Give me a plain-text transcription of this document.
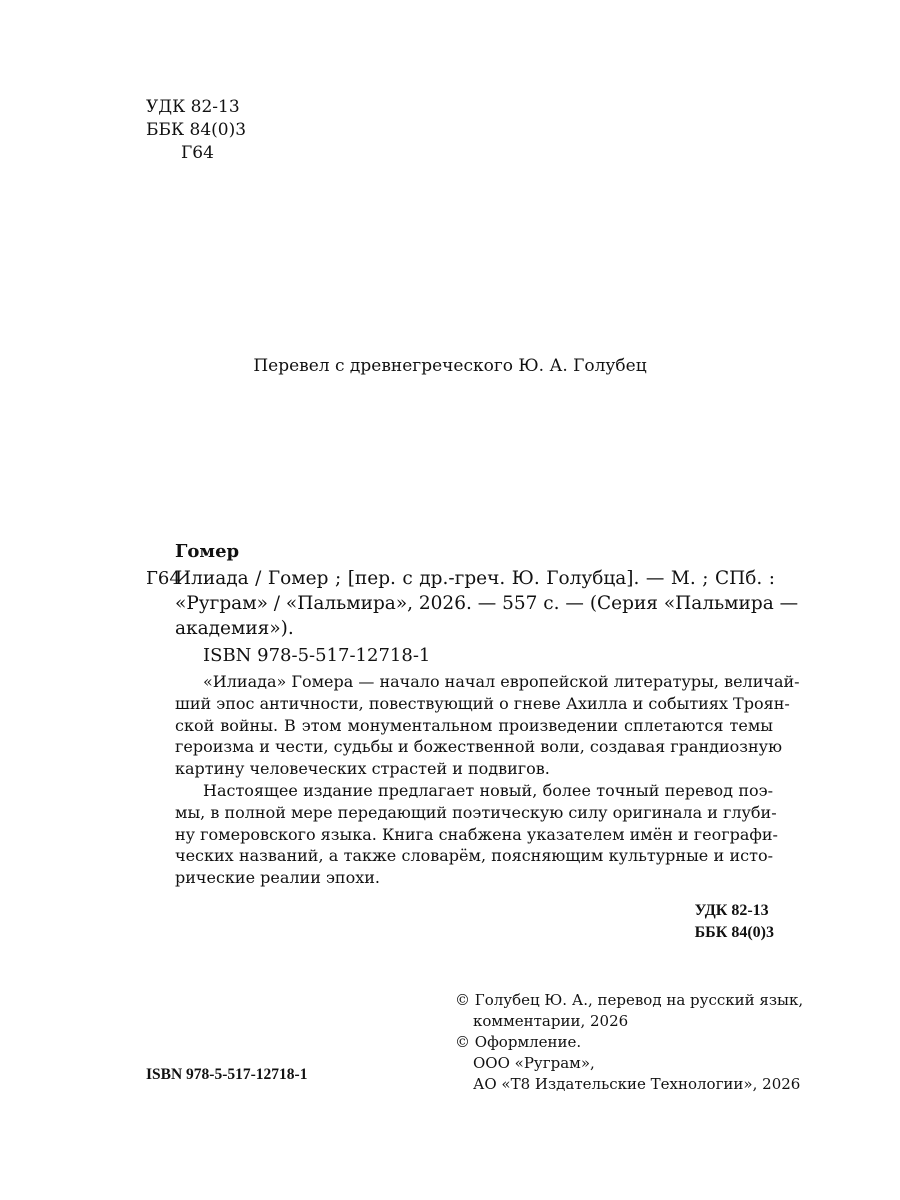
УДК 82-13
ББК 84(0)3
Г64
Перевел с древнегреческого Ю. А. Голубец
Гомер
Г64
Илиада / Гомер ; [пер. с др.-греч. Ю. Голубца]. — М. ; СПб. :
«Руграм» / «Пальмира», 2026. — 557 с. — (Серия «Пальмира —
академия»).
ISBN 978-5-517-12718-1
«Илиада» Гомера — начало начал европейской литературы, величай-
ший эпос античности, повествующий о гневе Ахилла и событиях Троян-
ской войны. В этом монументальном произведении сплетаются темы
героизма и чести, судьбы и божественной воли, создавая грандиозную
картину человеческих страстей и подвигов.
Настоящее издание предлагает новый, более точный перевод поэ-
мы, в полной мере передающий поэтическую силу оригинала и глуби-
ну гомеровского языка. Книга снабжена указателем имён и географи-
ческих названий, а также словарём, поясняющим культурные и исто-
рические реалии эпохи.
УДК 82-13
ББК 84(0)3
© Голубец Ю. А., перевод на русский язык,
комментарии, 2026
© Оформление.
ООО «Руграм»,
АО «Т8 Издательские Технологии», 2026
ISBN 978-5-517-12718-1
